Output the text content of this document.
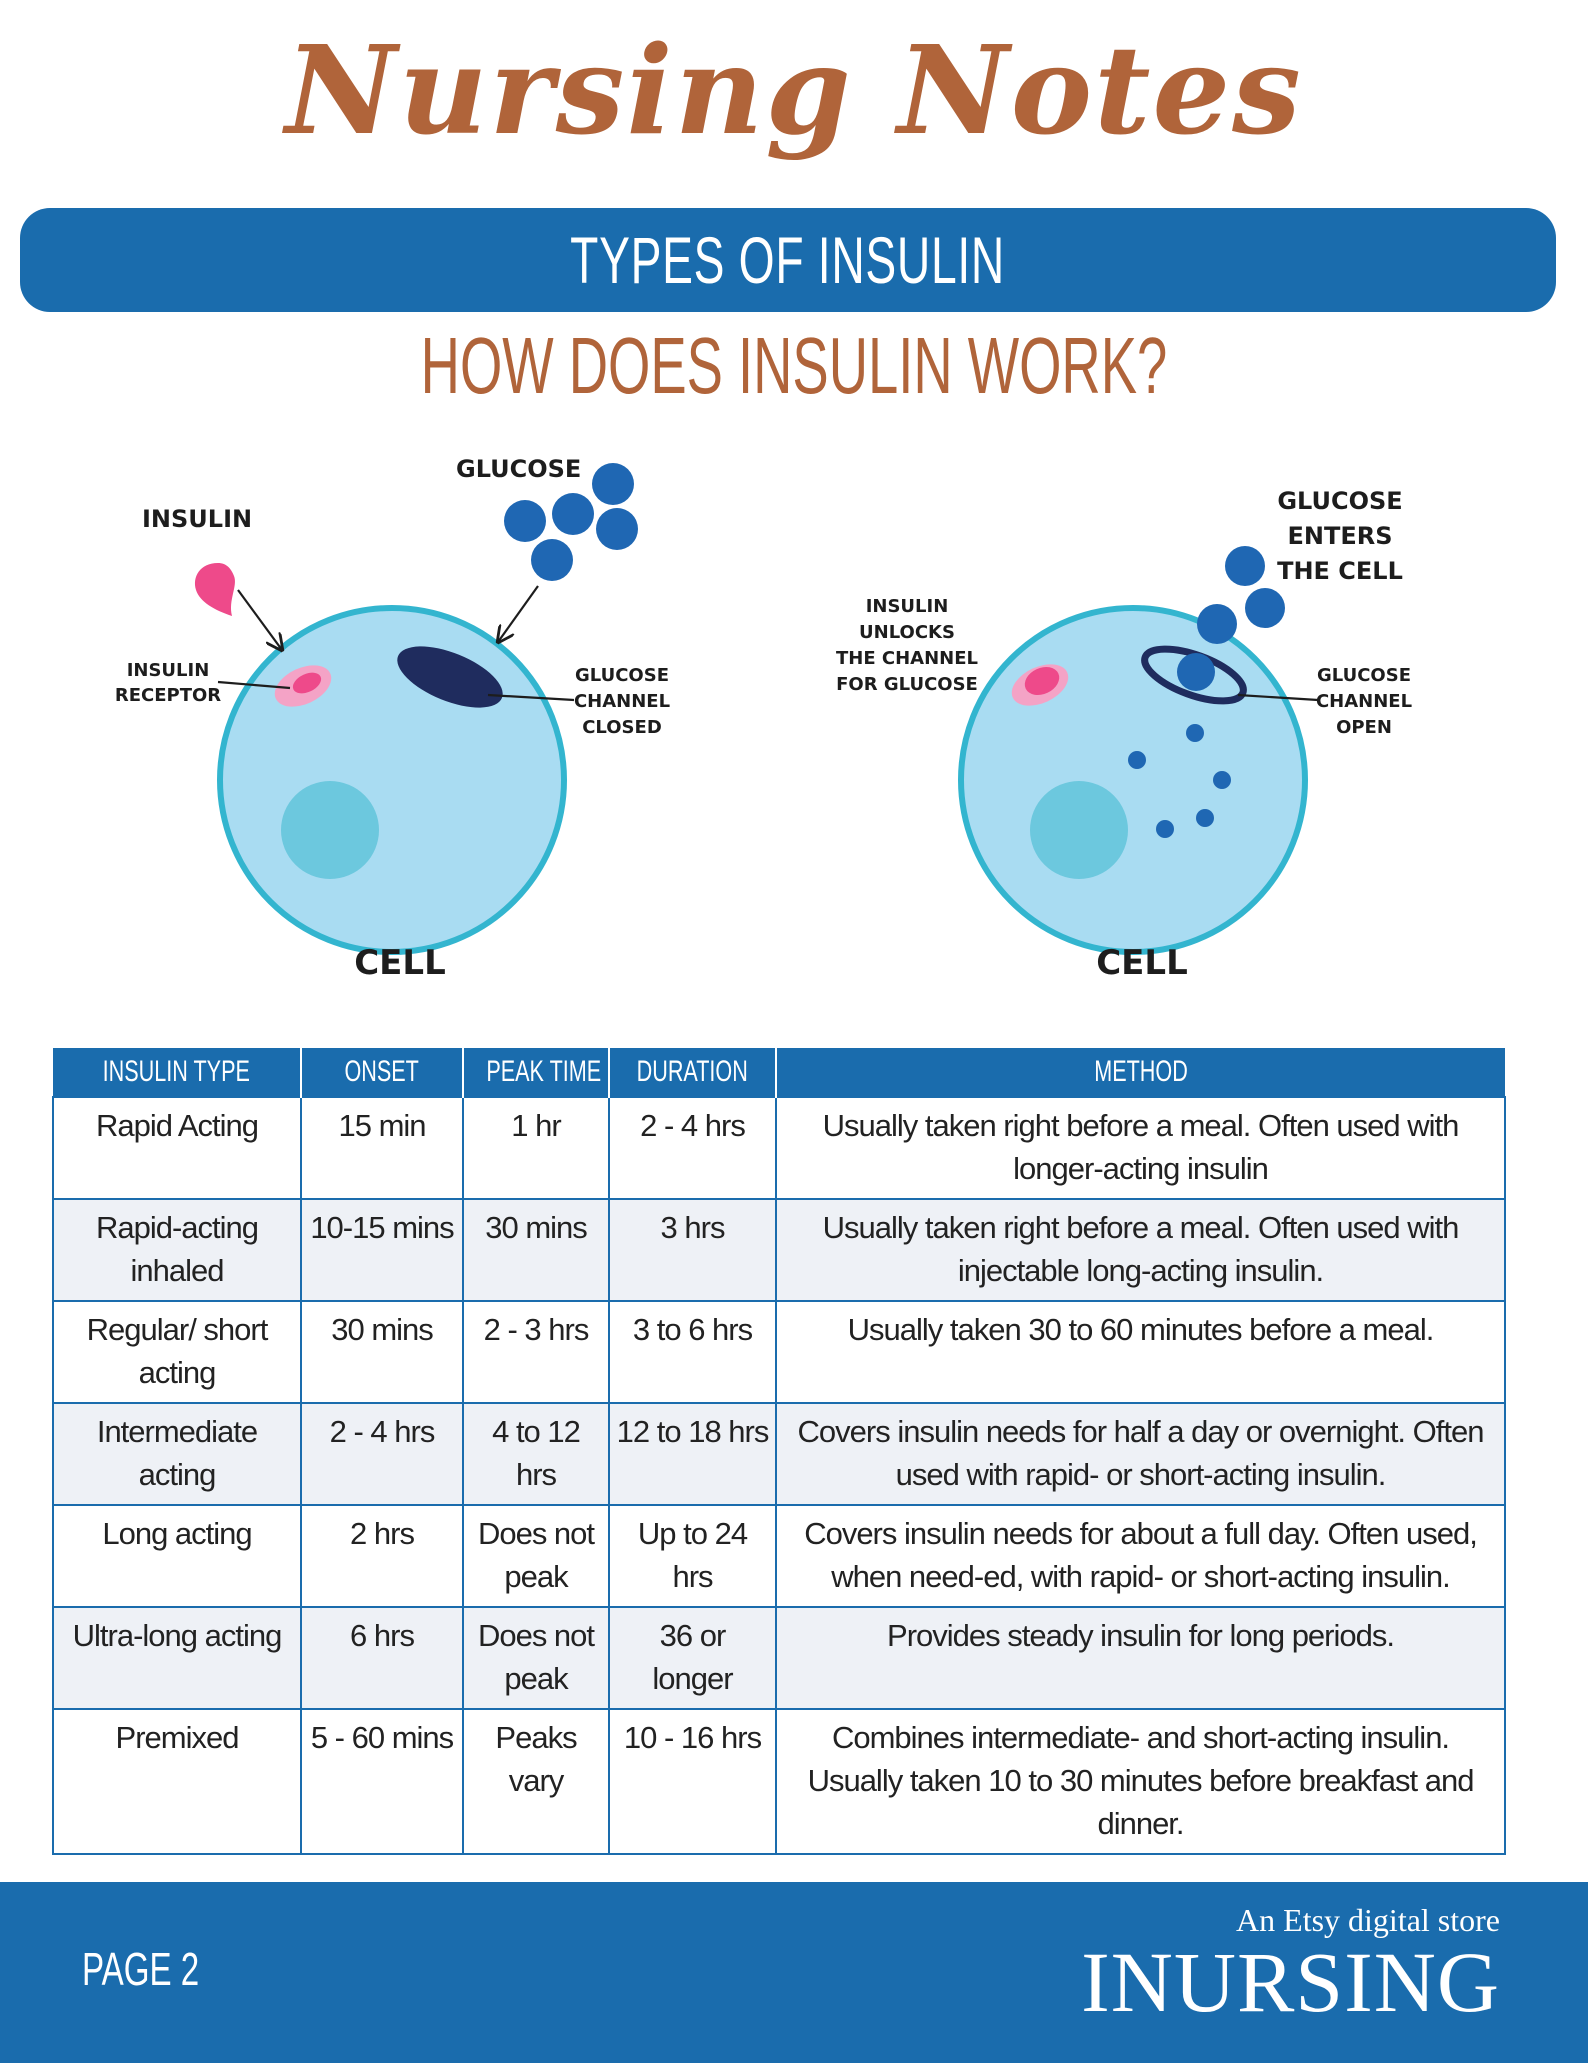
Nursing Notes
TYPES OF INSULIN
HOW DOES INSULIN WORK?
INSULIN
GLUCOSE
INSULIN
RECEPTOR
GLUCOSE
CHANNEL
CLOSED
CELL
GLUCOSE
ENTERS
THE CELL
INSULIN
UNLOCKS
THE CHANNEL
FOR GLUCOSE	GLUCOSE
CHANNEL
OPEN
CELL
INSULIN TYPE	ONSET	PEAK TIME	DURATION	METHOD

Rapid Acting	15 min	1 hr	2 - 4 hrs	Usually taken right before a meal. Often used with longer-acting insulin

Rapid-acting inhaled	10-15 mins	30 mins	3 hrs	Usually taken right before a meal. Often used with injectable long-acting insulin.

Regular/ short acting	30 mins	2 - 3 hrs	3 to 6 hrs	Usually taken 30 to 60 minutes before a meal.

Intermediate acting	2 - 4 hrs	4 to 12 hrs	12 to 18 hrs	Covers insulin needs for half a day or overnight. Often used with rapid- or short-acting insulin.

Long acting	2 hrs	Does not peak	Up to 24 hrs	Covers insulin needs for about a full day. Often used, when need-ed, with rapid- or short-acting insulin.

Ultra-long acting	6 hrs	Does not peak	36 or longer	Provides steady insulin for long periods.

Premixed	5 - 60 mins	Peaks vary	10 - 16 hrs	Combines intermediate- and short-acting insulin. Usually taken 10 to 30 minutes before breakfast and dinner.
PAGE 2
An Etsy digital store
INURSING
